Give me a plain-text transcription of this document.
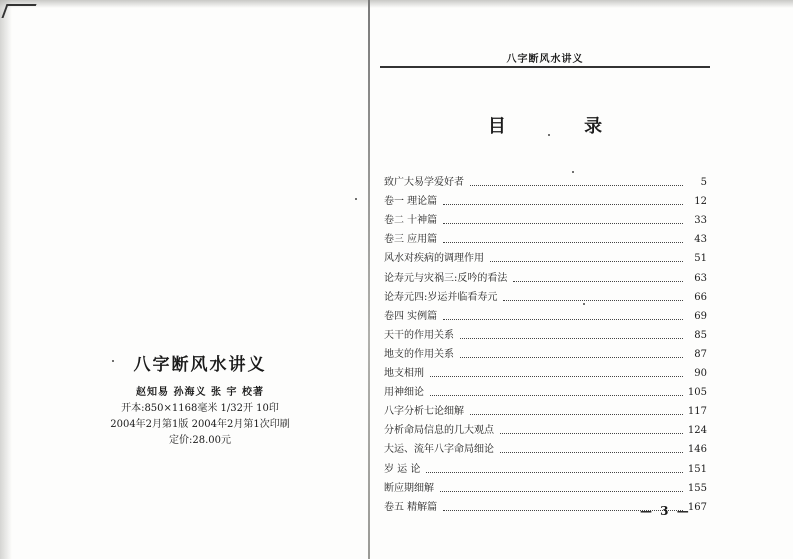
八字断风水讲义
赵知易 孙海义 张 宇 校著
开本:850×1168毫米 1/32开 10印
2004年2月第1版 2004年2月第1次印刷
定价:28.00元
八字断风水讲义
目 录
致广大易学爱好者	5
卷一 理论篇	12
卷二 十神篇	33
卷三 应用篇	43
风水对疾病的调理作用	51
论寿元与灾祸三:反吟的看法	63
论寿元四:岁运并临看寿元	66
卷四 实例篇	69
天干的作用关系	85
地支的作用关系	87
地支相刑	90
用神细论	105
八字分析七论细解	117
分析命局信息的几大观点	124
大运、流年八字命局细论	146
岁 运 论	151
断应期细解	155
卷五 精解篇	167
— 3 —
